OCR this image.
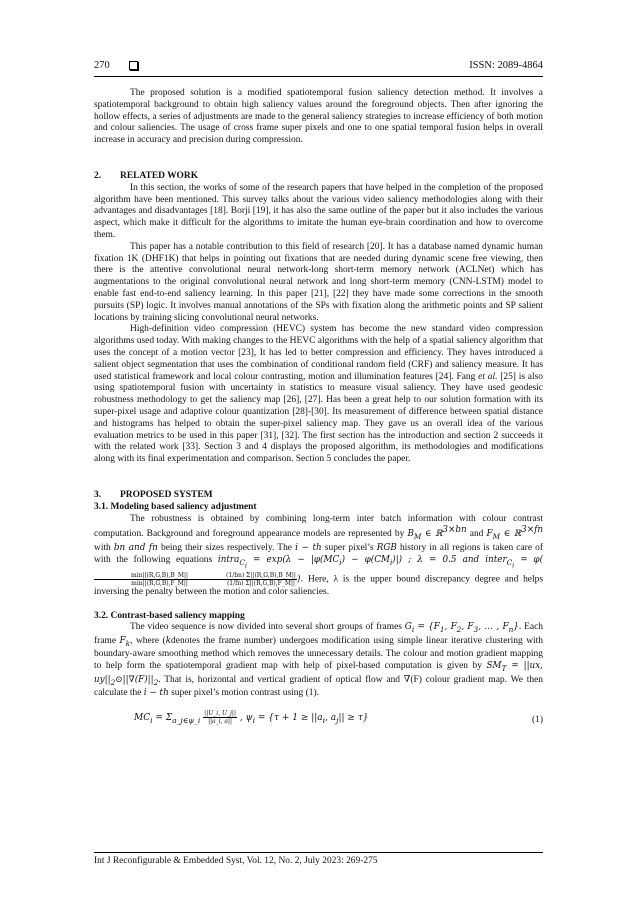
270	ISSN: 2089-4864

The proposed solution is a modified spatiotemporal fusion saliency detection method. It involves a spatiotemporal background to obtain high saliency values around the foreground objects. Then after ignoring the hollow effects, a series of adjustments are made to the general saliency strategies to increase efficiency of both motion and colour saliencies. The usage of cross frame super pixels and one to one spatial temporal fusion helps in overall increase in accuracy and precision during compression.

2. RELATED WORK

In this section, the works of some of the research papers that have helped in the completion of the proposed algorithm have been mentioned. This survey talks about the various video saliency methodologies along with their advantages and disadvantages [18]. Borji [19], it has also the same outline of the paper but it also includes the various aspect, which make it difficult for the algorithms to imitate the human eye-brain coordination and how to overcome them.

This paper has a notable contribution to this field of research [20]. It has a database named dynamic human fixation 1K (DHF1K) that helps in pointing out fixations that are needed during dynamic scene free viewing, then there is the attentive convolutional neural network-long short-term memory network (ACLNet) which has augmentations to the original convolutional neural network and long short-term memory (CNN-LSTM) model to enable fast end-to-end saliency learning. In this paper [21], [22] they have made some corrections in the smooth pursuits (SP) logic. It involves manual annotations of the SPs with fixation along the arithmetic points and SP salient locations by training slicing convolutional neural networks.

High-definition video compression (HEVC) system has become the new standard video compression algorithms used today. With making changes to the HEVC algorithms with the help of a spatial saliency algorithm that uses the concept of a motion vector [23], It has led to better compression and efficiency. They haves introduced a salient object segmentation that uses the combination of conditional random field (CRF) and saliency measure. It has used statistical framework and local colour contrasting, motion and illumination features [24]. Fang et al. [25] is also using spatiotemporal fusion with uncertainty in statistics to measure visual saliency. They have used geodesic robustness methodology to get the saliency map [26], [27]. Has been a great help to our solution formation with its super-pixel usage and adaptive colour quantization [28]-[30]. Its measurement of difference between spatial distance and histograms has helped to obtain the super-pixel saliency map. They gave us an overall idea of the various evaluation metrics to be used in this paper [31], [32]. The first section has the introduction and section 2 succeeds it with the related work [33]. Section 3 and 4 displays the proposed algorithm, its methodologies and modifications along with its final experimentation and comparison. Section 5 concludes the paper.

3. PROPOSED SYSTEM
3.1. Modeling based saliency adjustment

The robustness is obtained by combining long-term inter batch information with colour contrast computation. Background and foreground appearance models are represented by $B_M$ ∈ ℝ$^{3\times bn}$ and $F_M$ ∈ ℝ$^{3\times fn}$ with bn and fn being their sizes respectively. The i − th super pixel’s RGB history in all regions is taken care of with the following equations intra$_{C_i}$ = $\exp(\lambda - |\varphi(MC_i) - \varphi(CM_i)|)$ ; λ = 0.5 and inter$_{C_i}$ = φ(
$\frac{\min||(R,G,B),B\_M||}{\min||(R,G,B),F\_M||} \frac{(1/bn) \Sigma||(R,G,B),B\_M||}{(1/fn) \Sigma||(R,G,B),F\_M||}$ ). Here, λ is the upper bound discrepancy degree and helps inversing the penalty between the motion and color saliencies.

3.2. Contrast-based saliency mapping

The video sequence is now divided into several short groups of frames $G_i = \{F_1$, $F_2$, $F_3$, … , $F_n$}. Each frame $F_k$, where (kdenotes the frame number) undergoes modification using simple linear iterative clustering with boundary-aware smoothing method which removes the unnecessary details. The colour and motion gradient mapping to help form the spatiotemporal gradient map with help of pixel-based computation is given by $SM_T = ||ux$, $uy||_2⊙||\nabla(F)||_2$. That is, horizontal and vertical gradient of optical flow and ∇(F) colour gradient map. We then calculate the i − th super pixel’s motion contrast using (1).

$MC_i = \Sigma_{a\_j\in\psi\_i} \frac{||U\_i, U\_j||}{||a\_i, a||}$ , $\psi_i = \{\tau + 1 \ge ||a_i$, $a_j|| \ge \tau$}	(1)
Int J Reconfigurable & Embedded Syst, Vol. 12, No. 2, July 2023: 269-275
